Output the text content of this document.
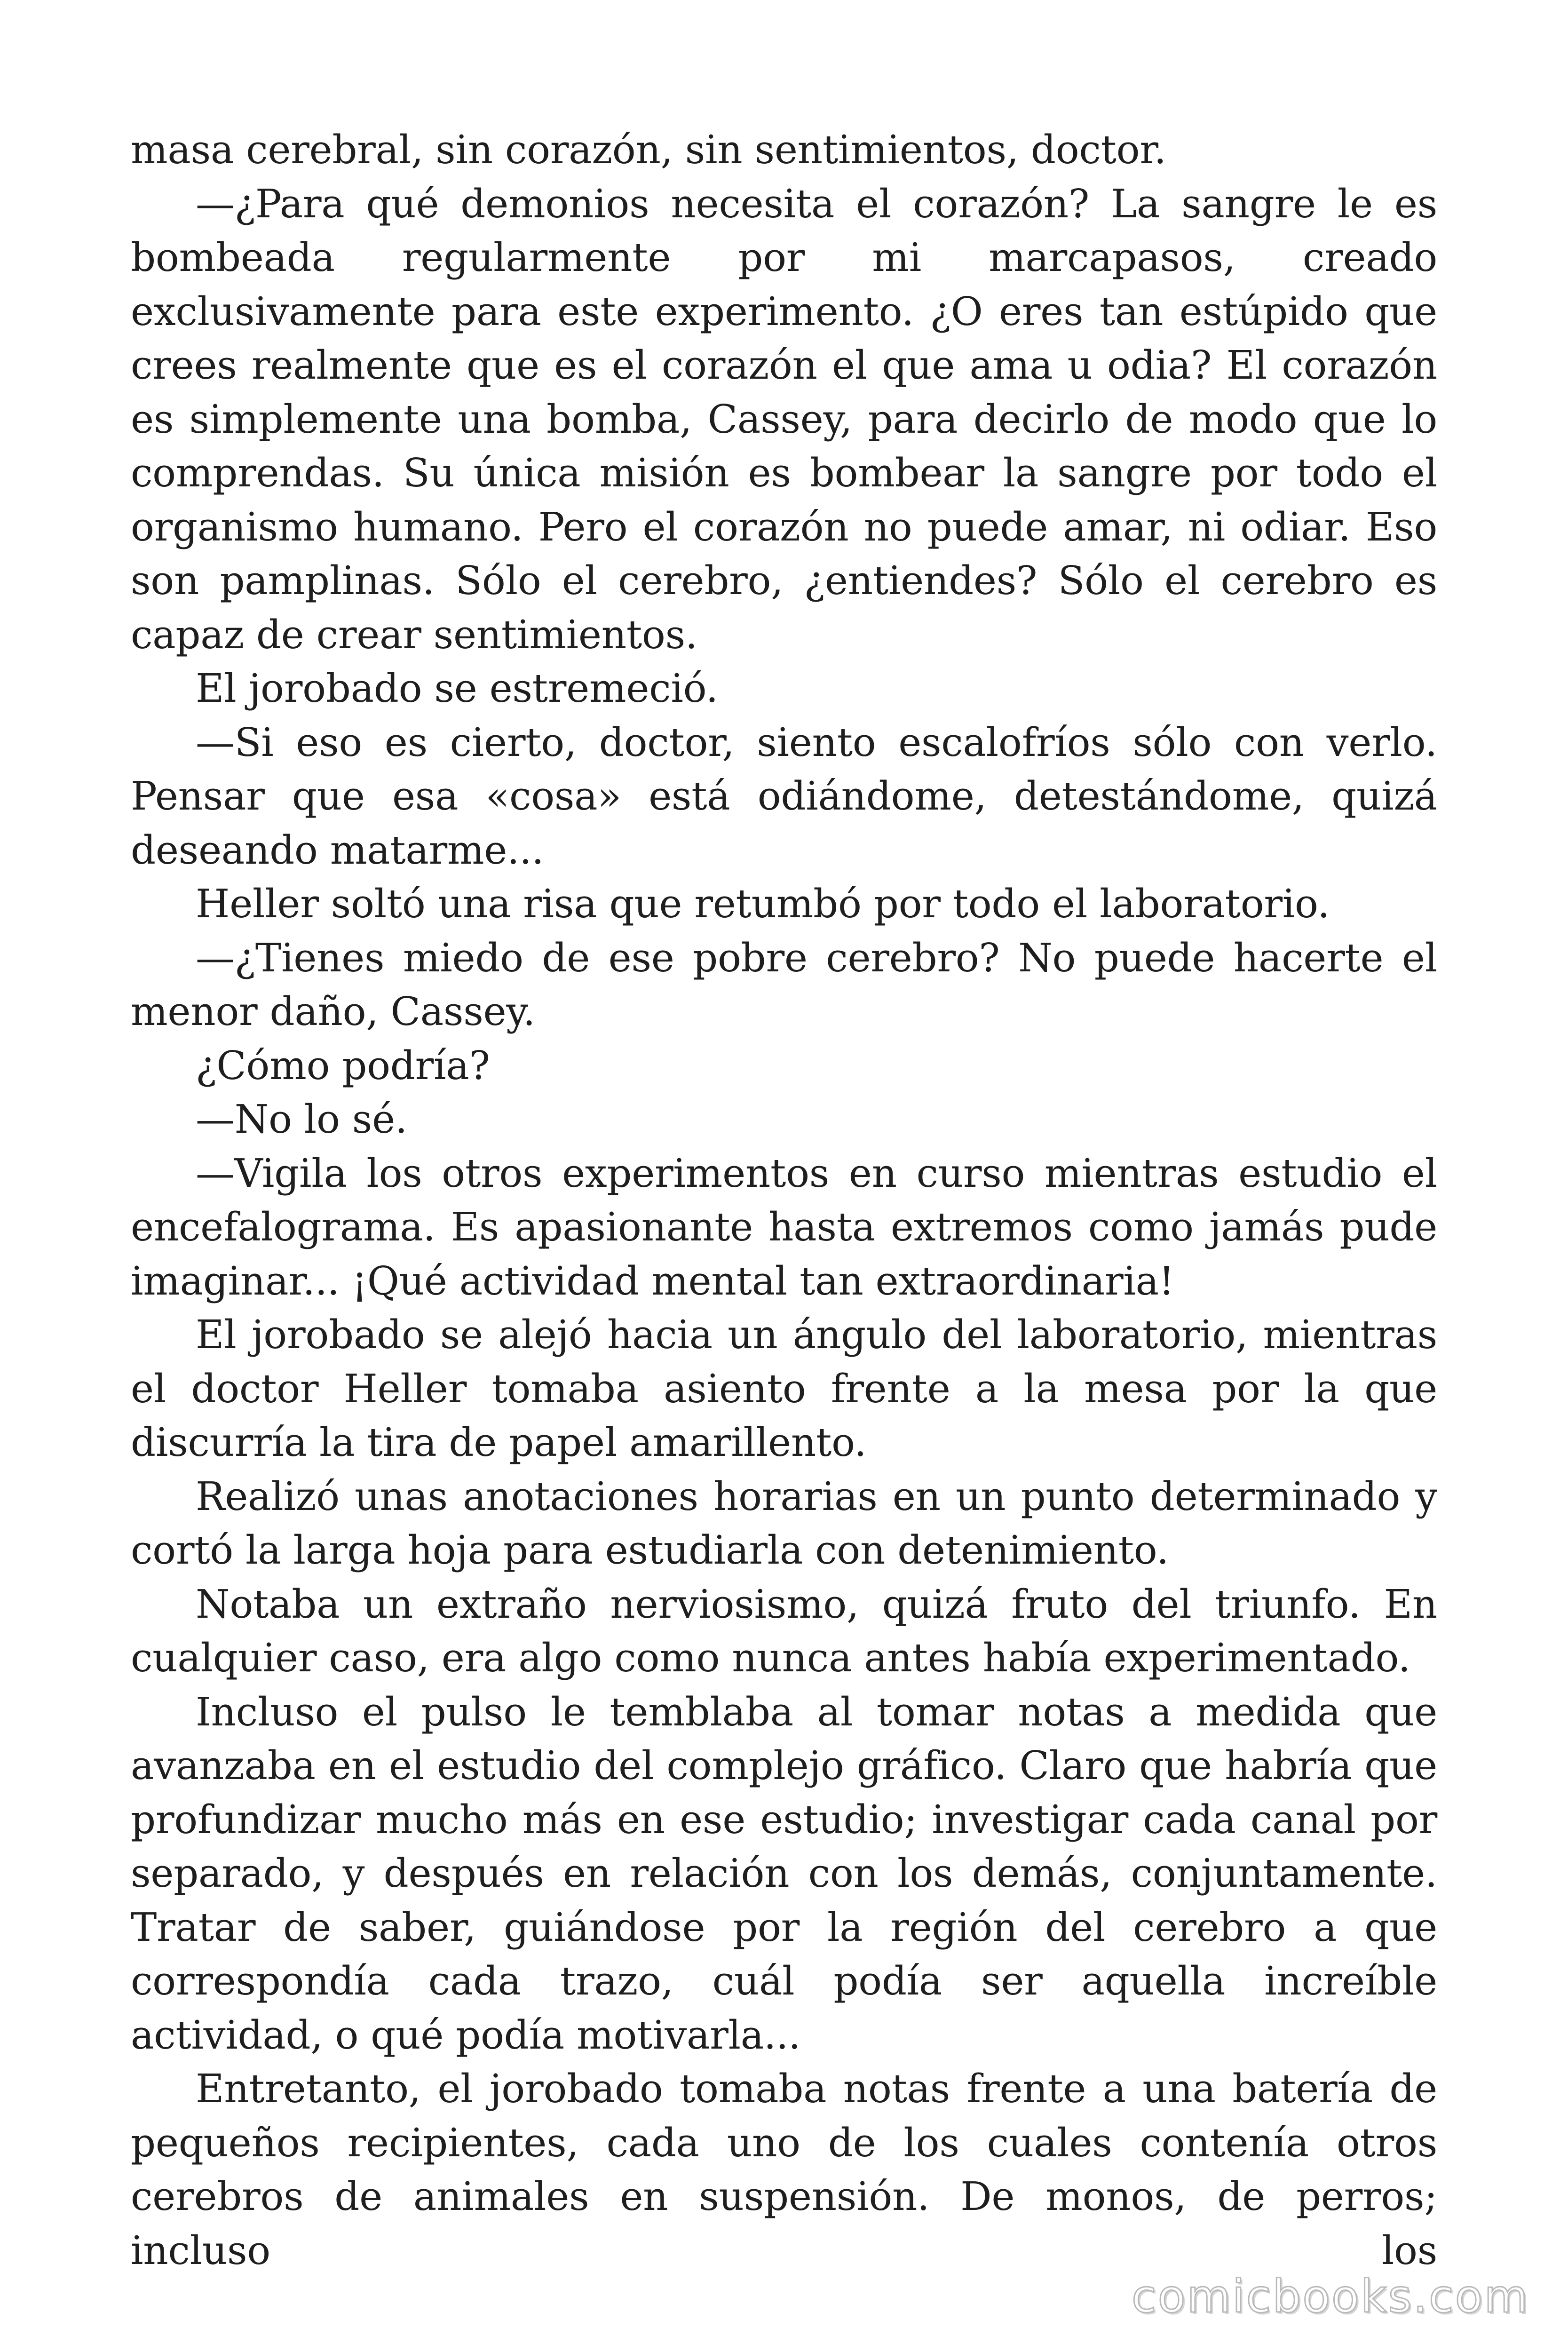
masa cerebral, sin corazón, sin sentimientos, doctor.

—¿Para qué demonios necesita el corazón? La sangre le es bombeada regularmente por mi marcapasos, creado exclusivamente para este experimento. ¿O eres tan estúpido que crees realmente que es el corazón el que ama u odia? El corazón es simplemente una bomba, Cassey, para decirlo de modo que lo comprendas. Su única misión es bombear la sangre por todo el organismo humano. Pero el corazón no puede amar, ni odiar. Eso son pamplinas. Sólo el cerebro, ¿entiendes? Sólo el cerebro es capaz de crear sentimientos.

El jorobado se estremeció.

—Si eso es cierto, doctor, siento escalofríos sólo con verlo. Pensar que esa «cosa» está odiándome, detestándome, quizá deseando matarme...

Heller soltó una risa que retumbó por todo el laboratorio.

—¿Tienes miedo de ese pobre cerebro? No puede hacerte el menor daño, Cassey.

¿Cómo podría?

—No lo sé.

—Vigila los otros experimentos en curso mientras estudio el encefalograma. Es apasionante hasta extremos como jamás pude imaginar... ¡Qué actividad mental tan extraordinaria!

El jorobado se alejó hacia un ángulo del laboratorio, mientras el doctor Heller tomaba asiento frente a la mesa por la que discurría la tira de papel amarillento.

Realizó unas anotaciones horarias en un punto determinado y cortó la larga hoja para estudiarla con detenimiento.

Notaba un extraño nerviosismo, quizá fruto del triunfo. En cualquier caso, era algo como nunca antes había experimentado.

Incluso el pulso le temblaba al tomar notas a medida que avanzaba en el estudio del complejo gráfico. Claro que habría que profundizar mucho más en ese estudio; investigar cada canal por separado, y después en relación con los demás, conjuntamente. Tratar de saber, guiándose por la región del cerebro a que correspondía cada trazo, cuál podía ser aquella increíble actividad, o qué podía motivarla...

Entretanto, el jorobado tomaba notas frente a una batería de pequeños recipientes, cada uno de los cuales contenía otros cerebros de animales en suspensión. De monos, de perros; incluso los

comicbooks.com
